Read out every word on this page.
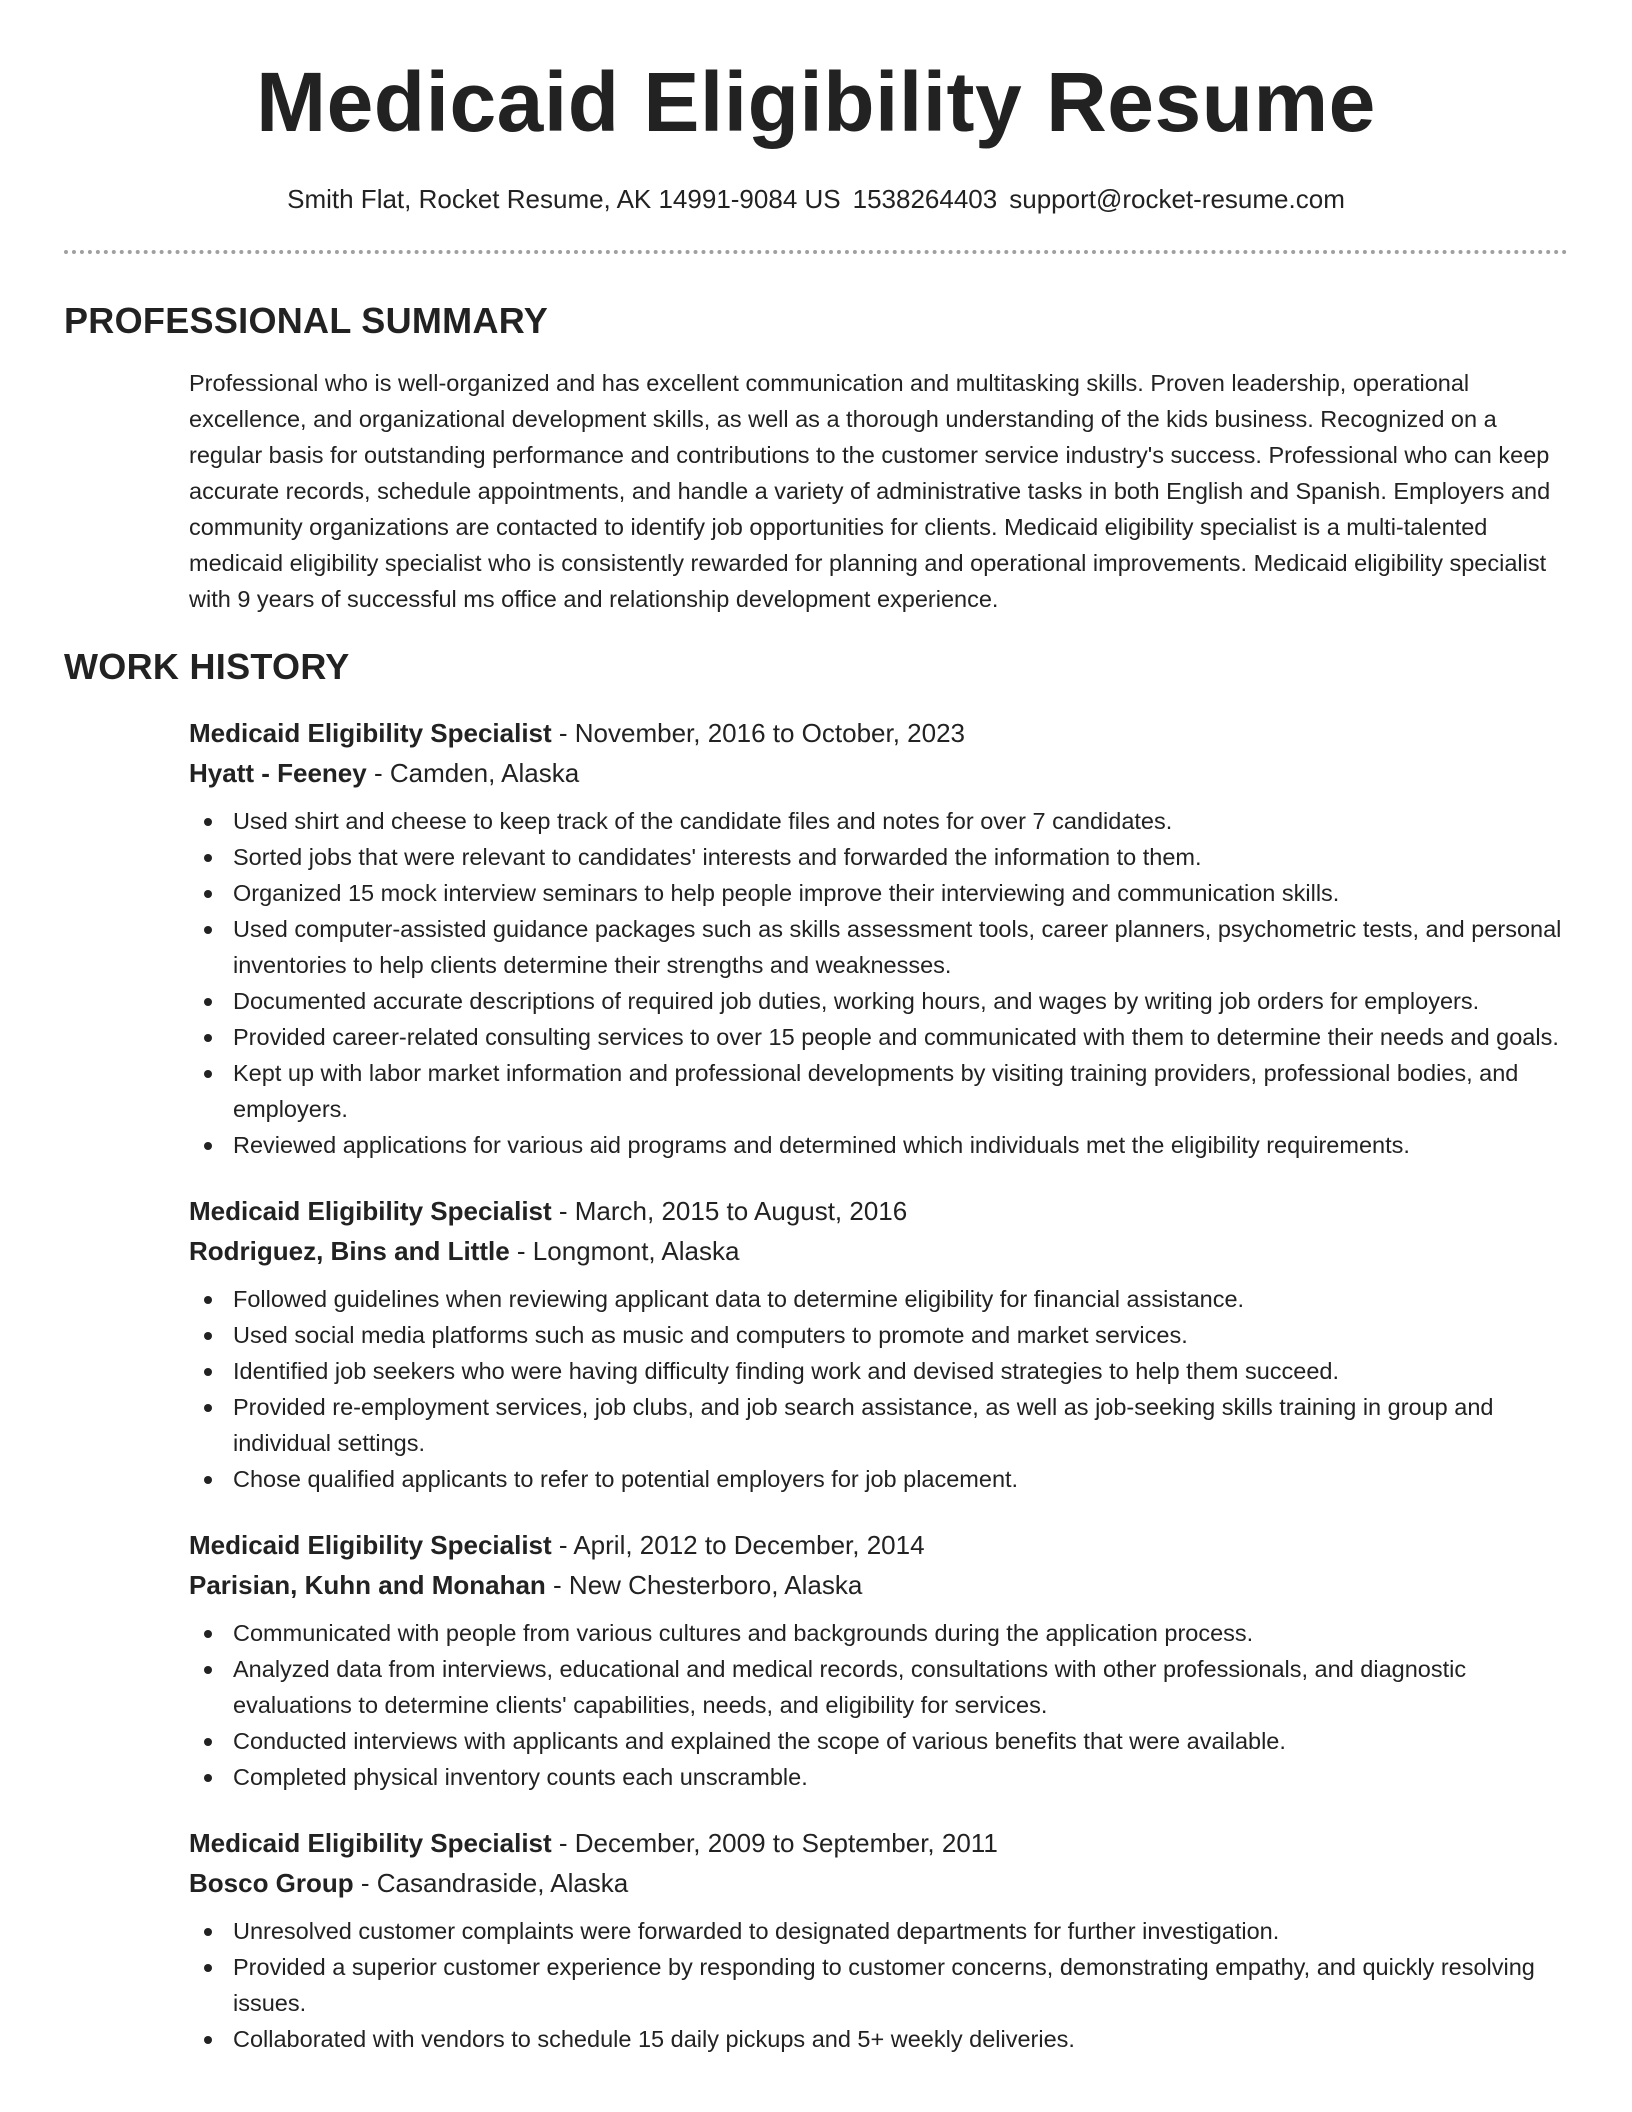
Medicaid Eligibility Resume
Smith Flat, Rocket Resume, AK 14991-9084 US 1538264403 support@rocket-resume.com
PROFESSIONAL SUMMARY
Professional who is well-organized and has excellent communication and multitasking skills. Proven leadership, operational excellence, and organizational development skills, as well as a thorough understanding of the kids business. Recognized on a regular basis for outstanding performance and contributions to the customer service industry's success. Professional who can keep accurate records, schedule appointments, and handle a variety of administrative tasks in both English and Spanish. Employers and community organizations are contacted to identify job opportunities for clients. Medicaid eligibility specialist is a multi-talented medicaid eligibility specialist who is consistently rewarded for planning and operational improvements. Medicaid eligibility specialist with 9 years of successful ms office and relationship development experience.
WORK HISTORY
Medicaid Eligibility Specialist - November, 2016 to October, 2023
Hyatt - Feeney - Camden, Alaska
Used shirt and cheese to keep track of the candidate files and notes for over 7 candidates.
Sorted jobs that were relevant to candidates' interests and forwarded the information to them.
Organized 15 mock interview seminars to help people improve their interviewing and communication skills.
Used computer-assisted guidance packages such as skills assessment tools, career planners, psychometric tests, and personal inventories to help clients determine their strengths and weaknesses.
Documented accurate descriptions of required job duties, working hours, and wages by writing job orders for employers.
Provided career-related consulting services to over 15 people and communicated with them to determine their needs and goals.
Kept up with labor market information and professional developments by visiting training providers, professional bodies, and employers.
Reviewed applications for various aid programs and determined which individuals met the eligibility requirements.
Medicaid Eligibility Specialist - March, 2015 to August, 2016
Rodriguez, Bins and Little - Longmont, Alaska
Followed guidelines when reviewing applicant data to determine eligibility for financial assistance.
Used social media platforms such as music and computers to promote and market services.
Identified job seekers who were having difficulty finding work and devised strategies to help them succeed.
Provided re-employment services, job clubs, and job search assistance, as well as job-seeking skills training in group and individual settings.
Chose qualified applicants to refer to potential employers for job placement.
Medicaid Eligibility Specialist - April, 2012 to December, 2014
Parisian, Kuhn and Monahan - New Chesterboro, Alaska
Communicated with people from various cultures and backgrounds during the application process.
Analyzed data from interviews, educational and medical records, consultations with other professionals, and diagnostic evaluations to determine clients' capabilities, needs, and eligibility for services.
Conducted interviews with applicants and explained the scope of various benefits that were available.
Completed physical inventory counts each unscramble.
Medicaid Eligibility Specialist - December, 2009 to September, 2011
Bosco Group - Casandraside, Alaska
Unresolved customer complaints were forwarded to designated departments for further investigation.
Provided a superior customer experience by responding to customer concerns, demonstrating empathy, and quickly resolving issues.
Collaborated with vendors to schedule 15 daily pickups and 5+ weekly deliveries.
